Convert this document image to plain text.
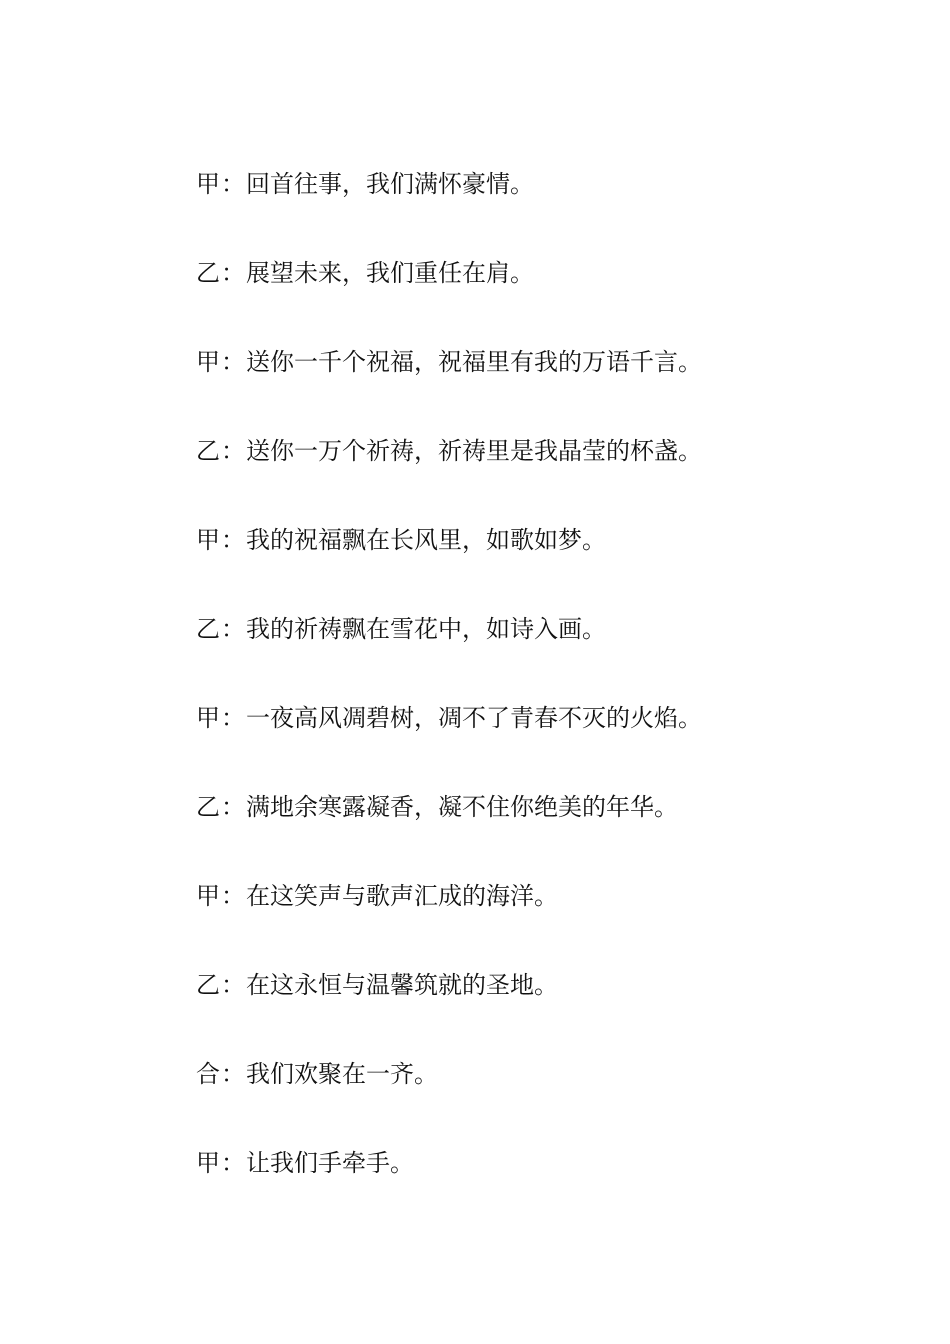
甲：回首往事，我们满怀豪情。
乙：展望未来，我们重任在肩。
甲：送你一千个祝福，祝福里有我的万语千言。
乙：送你一万个祈祷，祈祷里是我晶莹的杯盏。
甲：我的祝福飘在长风里，如歌如梦。
乙：我的祈祷飘在雪花中，如诗入画。
甲：一夜高风凋碧树，凋不了青春不灭的火焰。
乙：满地余寒露凝香，凝不住你绝美的年华。
甲：在这笑声与歌声汇成的海洋。
乙：在这永恒与温馨筑就的圣地。
合：我们欢聚在一齐。
甲：让我们手牵手。
